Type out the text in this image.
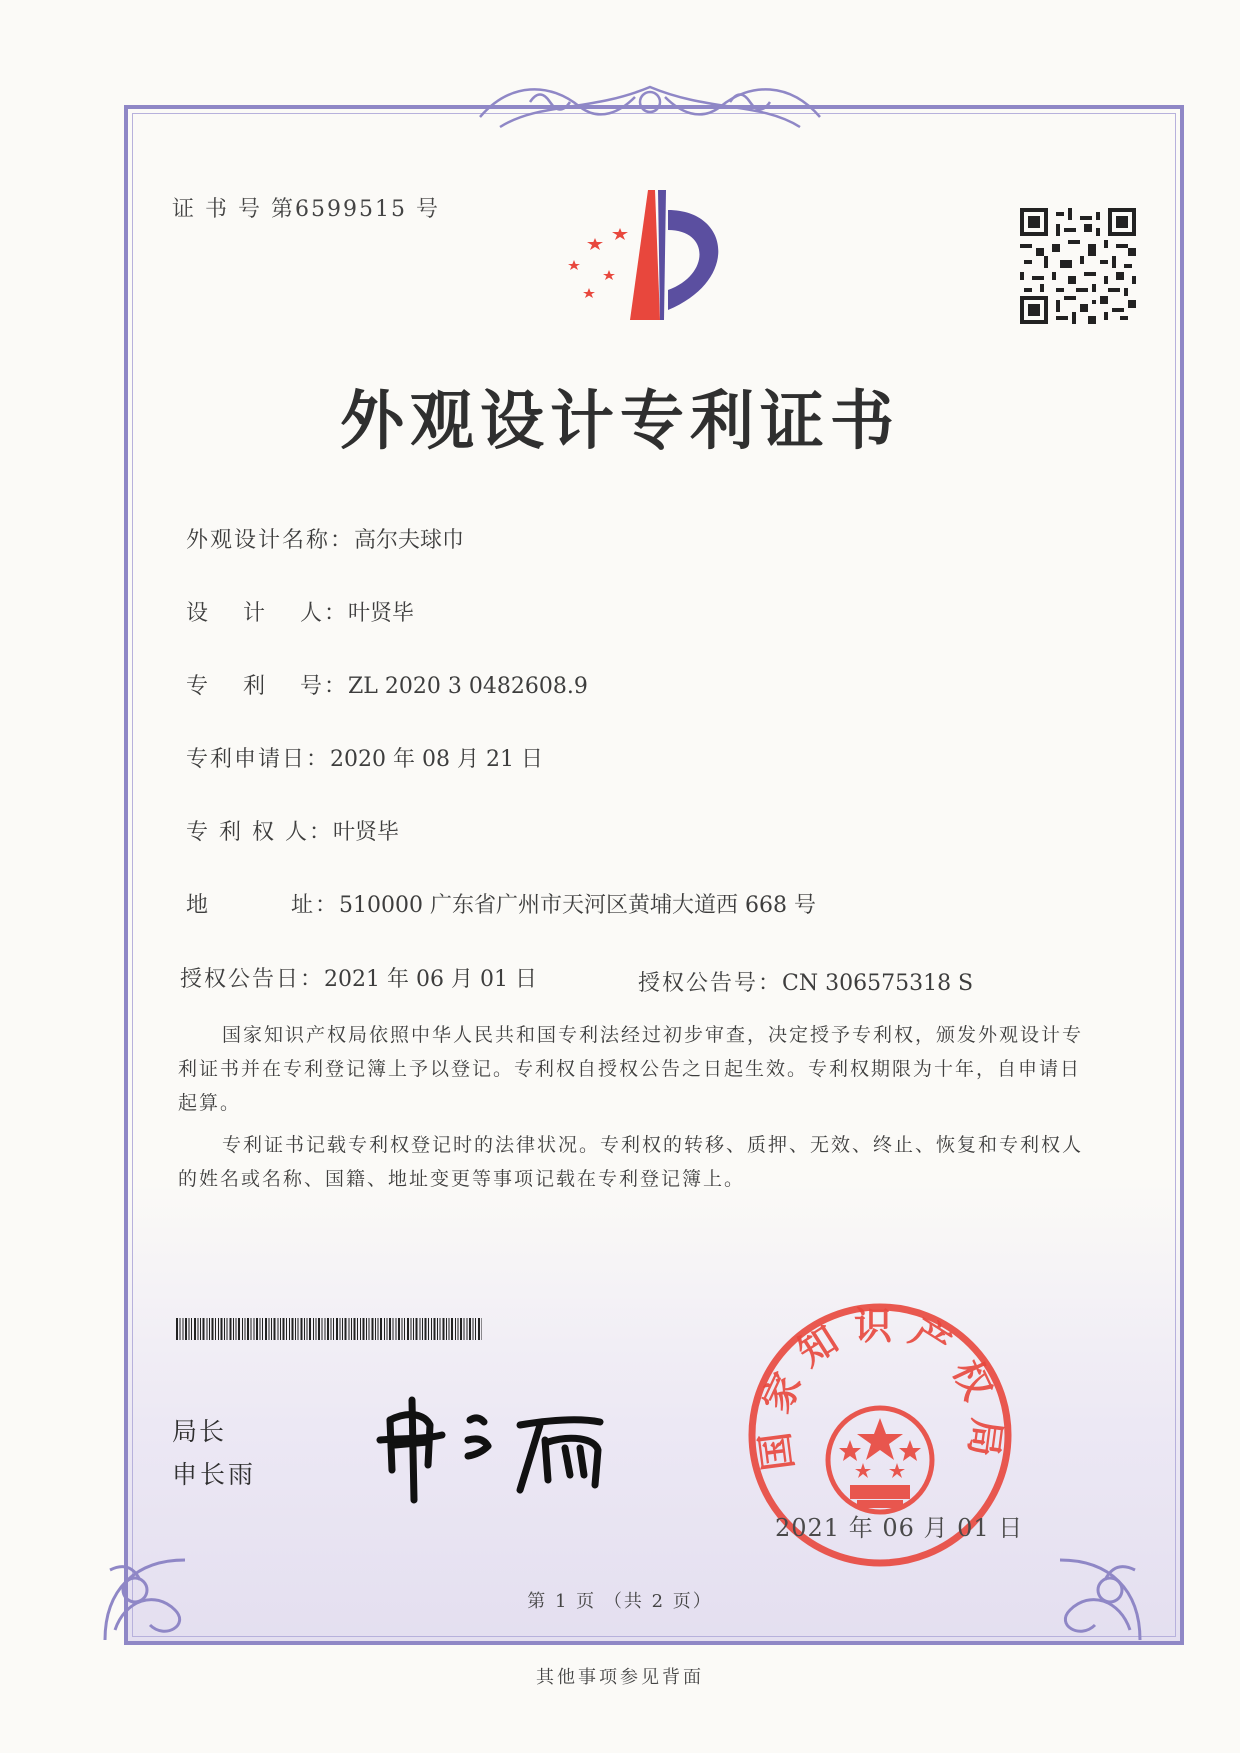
证 书 号 第6599515 号
外观设计专利证书
外观设计名称：高尔夫球巾
设　 计　 人：叶贤毕
专　 利　 号：ZL 2020 3 0482608.9
专利申请日：2020 年 08 月 21 日
专 利 权 人：叶贤毕
地　　　 址：510000 广东省广州市天河区黄埔大道西 668 号
授权公告日：2021 年 06 月 01 日	授权公告号：CN 306575318 S
国家知识产权局依照中华人民共和国专利法经过初步审查，决定授予专利权，颁发外观设计专利证书并在专利登记簿上予以登记。专利权自授权公告之日起生效。专利权期限为十年，自申请日起算。
专利证书记载专利权登记时的法律状况。专利权的转移、质押、无效、终止、恢复和专利权人的姓名或名称、国籍、地址变更等事项记载在专利登记簿上。
局长
申长雨
国家知识产权局
2021 年 06 月 01 日
第 1 页 （共 2 页）
其他事项参见背面
